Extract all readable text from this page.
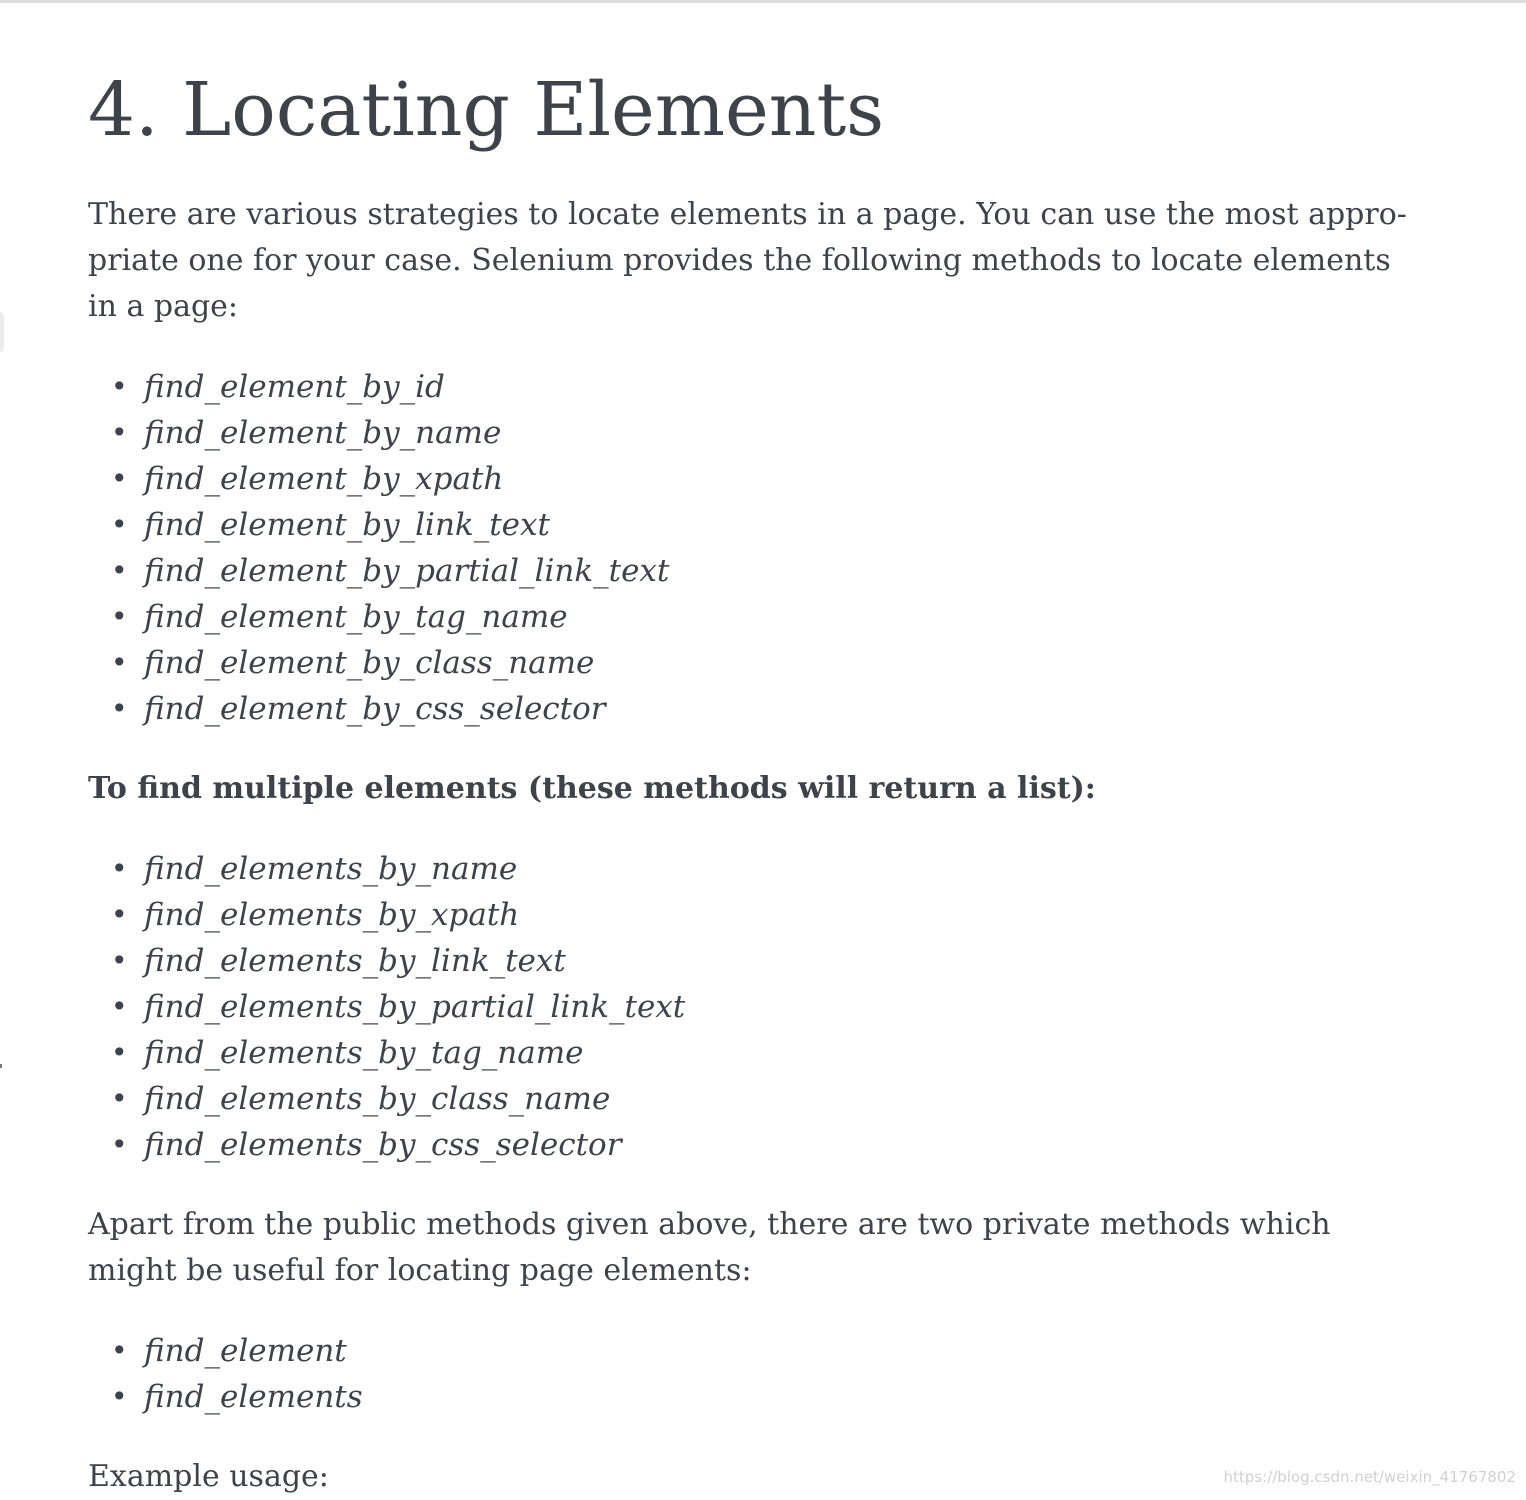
4. Locating Elements

There are various strategies to locate elements in a page. You can use the most appro- priate one for your case. Selenium provides the following methods to locate elements in a page:

• find_element_by_id
• find_element_by_name
• find_element_by_xpath
• find_element_by_link_text
• find_element_by_partial_link_text
• find_element_by_tag_name
• find_element_by_class_name
• find_element_by_css_selector

To find multiple elements (these methods will return a list):

• find_elements_by_name
• find_elements_by_xpath
• find_elements_by_link_text
• find_elements_by_partial_link_text
• find_elements_by_tag_name
• find_elements_by_class_name
• find_elements_by_css_selector

Apart from the public methods given above, there are two private methods which might be useful for locating page elements:

• find_element
• find_elements

Example usage:	https://blog.csdn.net/weixin_41767802
